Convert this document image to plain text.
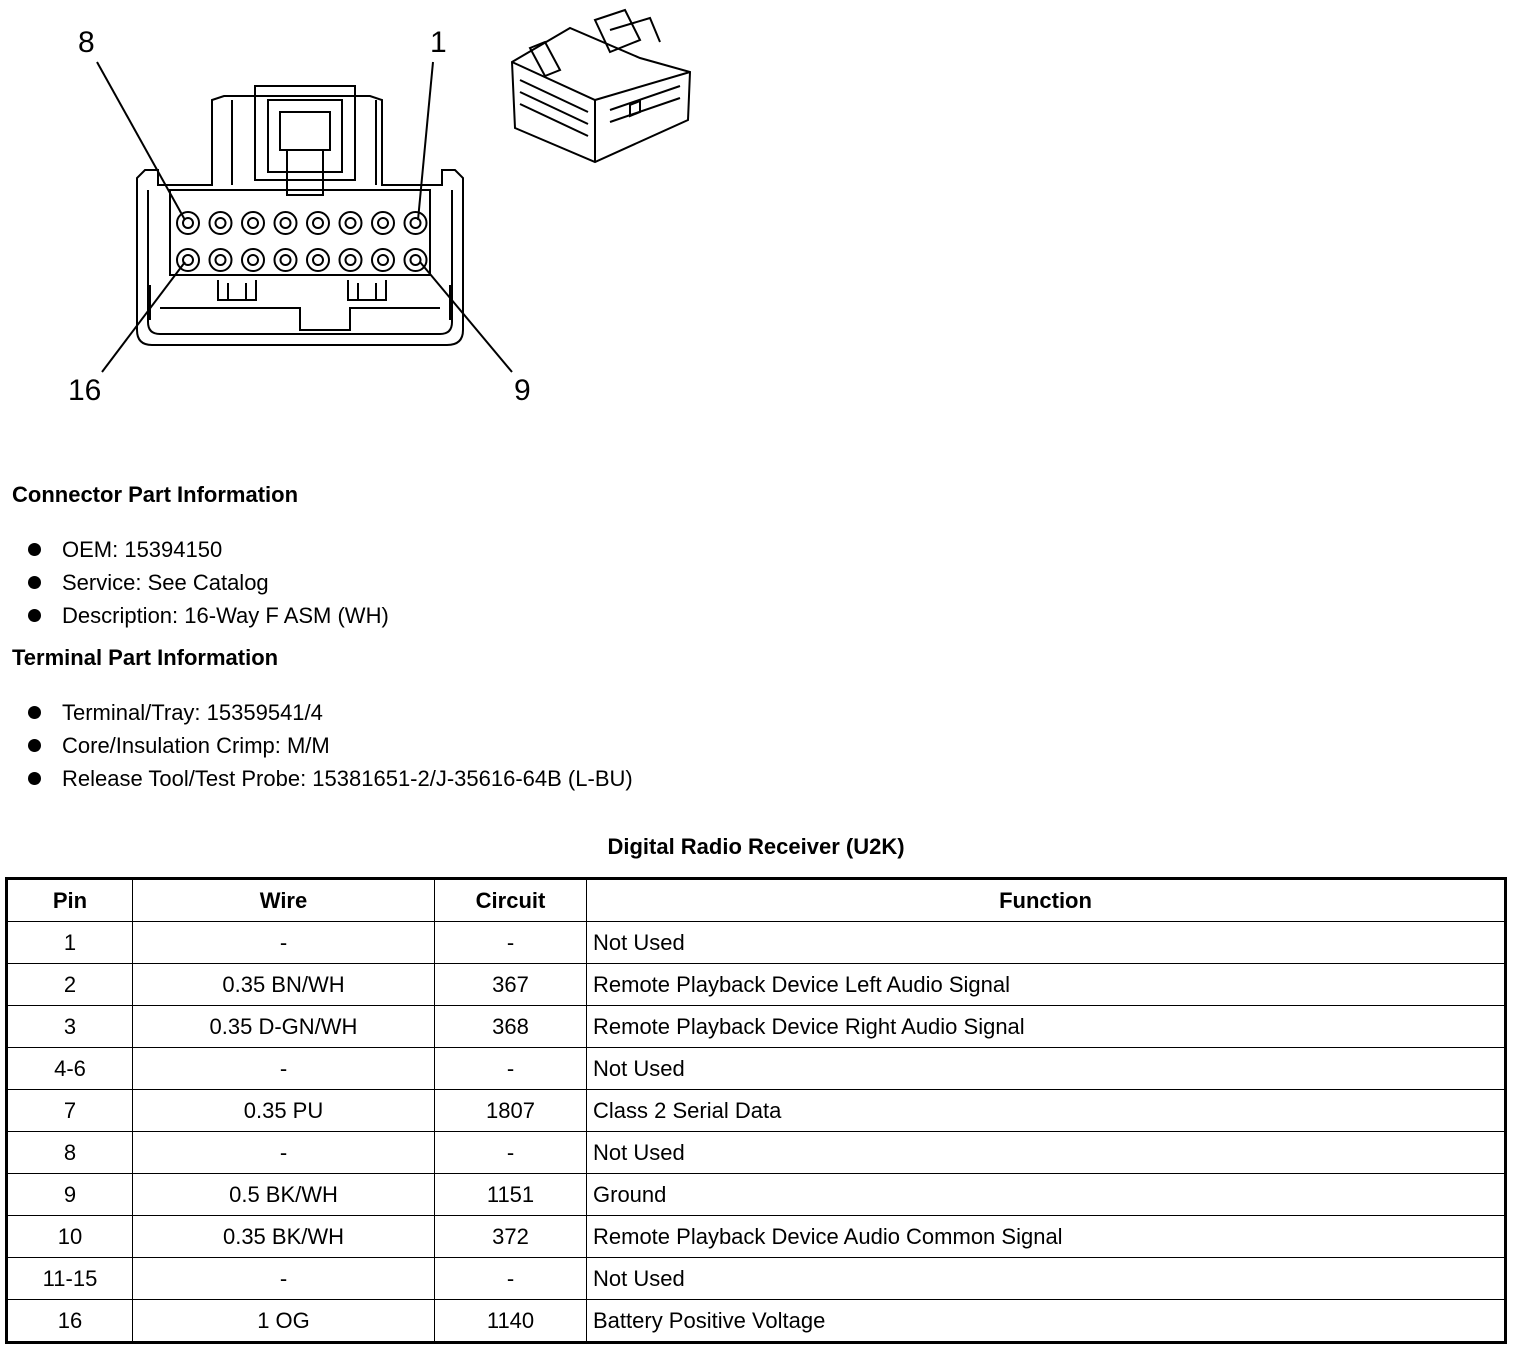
8	1
16	9
Connector Part Information
OEM: 15394150
Service: See Catalog
Description: 16-Way F ASM (WH)
Terminal Part Information
Terminal/Tray: 15359541/4
Core/Insulation Crimp: M/M
Release Tool/Test Probe: 15381651-2/J-35616-64B (L-BU)
Digital Radio Receiver (U2K)
Pin	Wire	Circuit	Function
1	-	-	Not Used
2	0.35 BN/WH	367	Remote Playback Device Left Audio Signal
3	0.35 D-GN/WH	368	Remote Playback Device Right Audio Signal
4-6	-	-	Not Used
7	0.35 PU	1807	Class 2 Serial Data
8	-	-	Not Used
9	0.5 BK/WH	1151	Ground
10	0.35 BK/WH	372	Remote Playback Device Audio Common Signal
11-15	-	-	Not Used
16	1 OG	1140	Battery Positive Voltage
